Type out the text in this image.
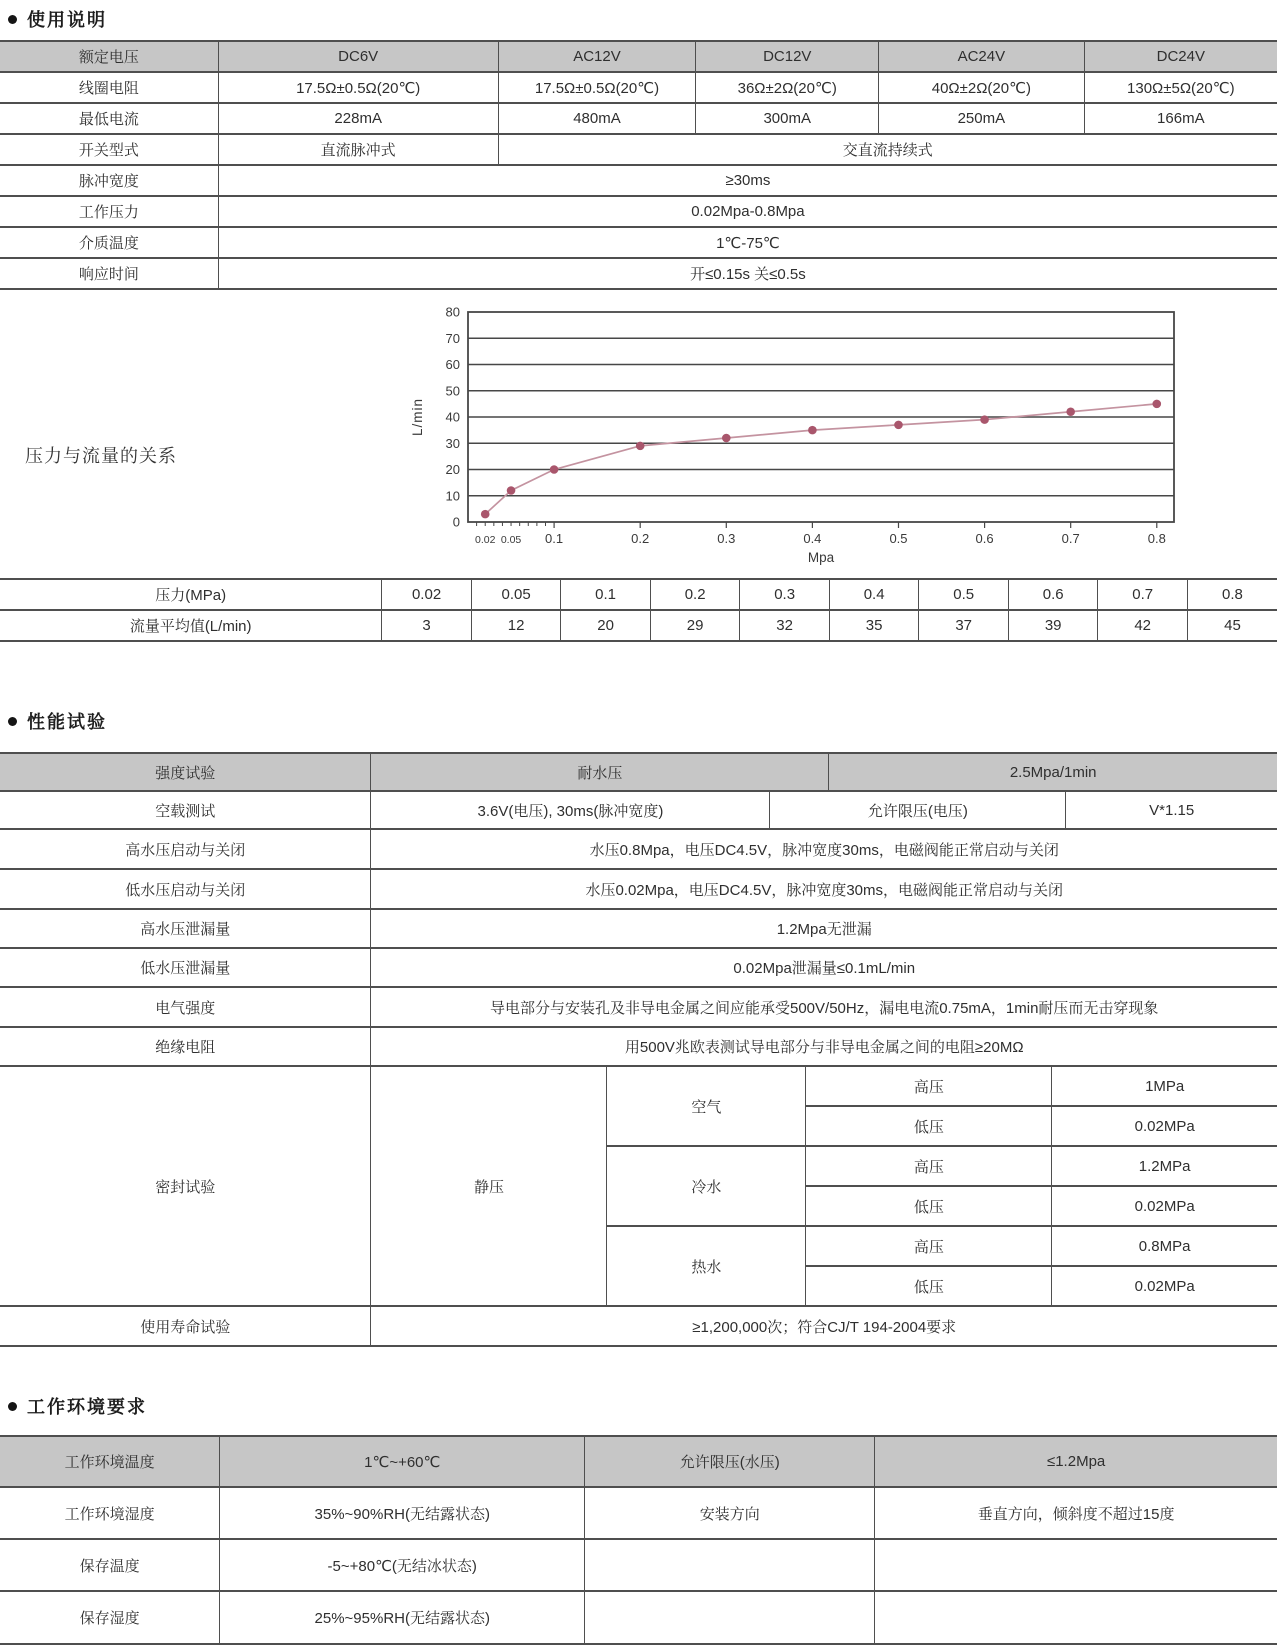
使用说明
额定电压	DC6V	AC12V	DC12V	AC24V	DC24V
线圈电阻	17.5Ω±0.5Ω(20℃)	17.5Ω±0.5Ω(20℃)	36Ω±2Ω(20℃)	40Ω±2Ω(20℃)	130Ω±5Ω(20℃)
最低电流	228mA	480mA	300mA	250mA	166mA
开关型式	直流脉冲式	交直流持续式			
脉冲宽度	≥30ms				
工作压力	0.02Mpa-0.8Mpa				
介质温度	1℃-75℃				
响应时间	开≤0.15s 关≤0.5s				
压力与流量的关系
0
10
20
30
40
50
60
70
80
0.02 0.05 0.1	0.2	0.3	0.4	0.5	0.6	0.7	0.8
Mpa
L/min
压力(MPa)	0.02	0.05	0.1	0.2	0.3	0.4	0.5	0.6	0.7	0.8
流量平均值(L/min)	3	12	20	29	32	35	37	39	42	45
性能试验
强度试验	耐水压				2.5Mpa/1min		
空载测试	3.6V(电压), 30ms(脉冲宽度)		允许限压(电压)				V*1.15
高水压启动与关闭	水压0.8Mpa，电压DC4.5V，脉冲宽度30ms，电磁阀能正常启动与关闭						
低水压启动与关闭	水压0.02Mpa，电压DC4.5V，脉冲宽度30ms，电磁阀能正常启动与关闭						
高水压泄漏量	1.2Mpa无泄漏						
低水压泄漏量	0.02Mpa泄漏量≤0.1mL/min						
电气强度	导电部分与安装孔及非导电金属之间应能承受500V/50Hz，漏电电流0.75mA，1min耐压而无击穿现象						
绝缘电阻	用500V兆欧表测试导电部分与非导电金属之间的电阻≥20MΩ						
密封试验	静压	空气		高压		1MPa	
				低压		0.02MPa	
		冷水		高压		1.2MPa	
				低压		0.02MPa	
		热水		高压		0.8MPa	
				低压		0.02MPa	
使用寿命试验	≥1,200,000次；符合CJ/T 194-2004要求						
工作环境要求
工作环境温度	1℃~+60℃	允许限压(水压)	≤1.2Mpa
工作环境湿度	35%~90%RH(无结露状态)	安装方向	垂直方向，倾斜度不超过15度
保存温度	-5~+80℃(无结冰状态)		
保存湿度	25%~95%RH(无结露状态)		
